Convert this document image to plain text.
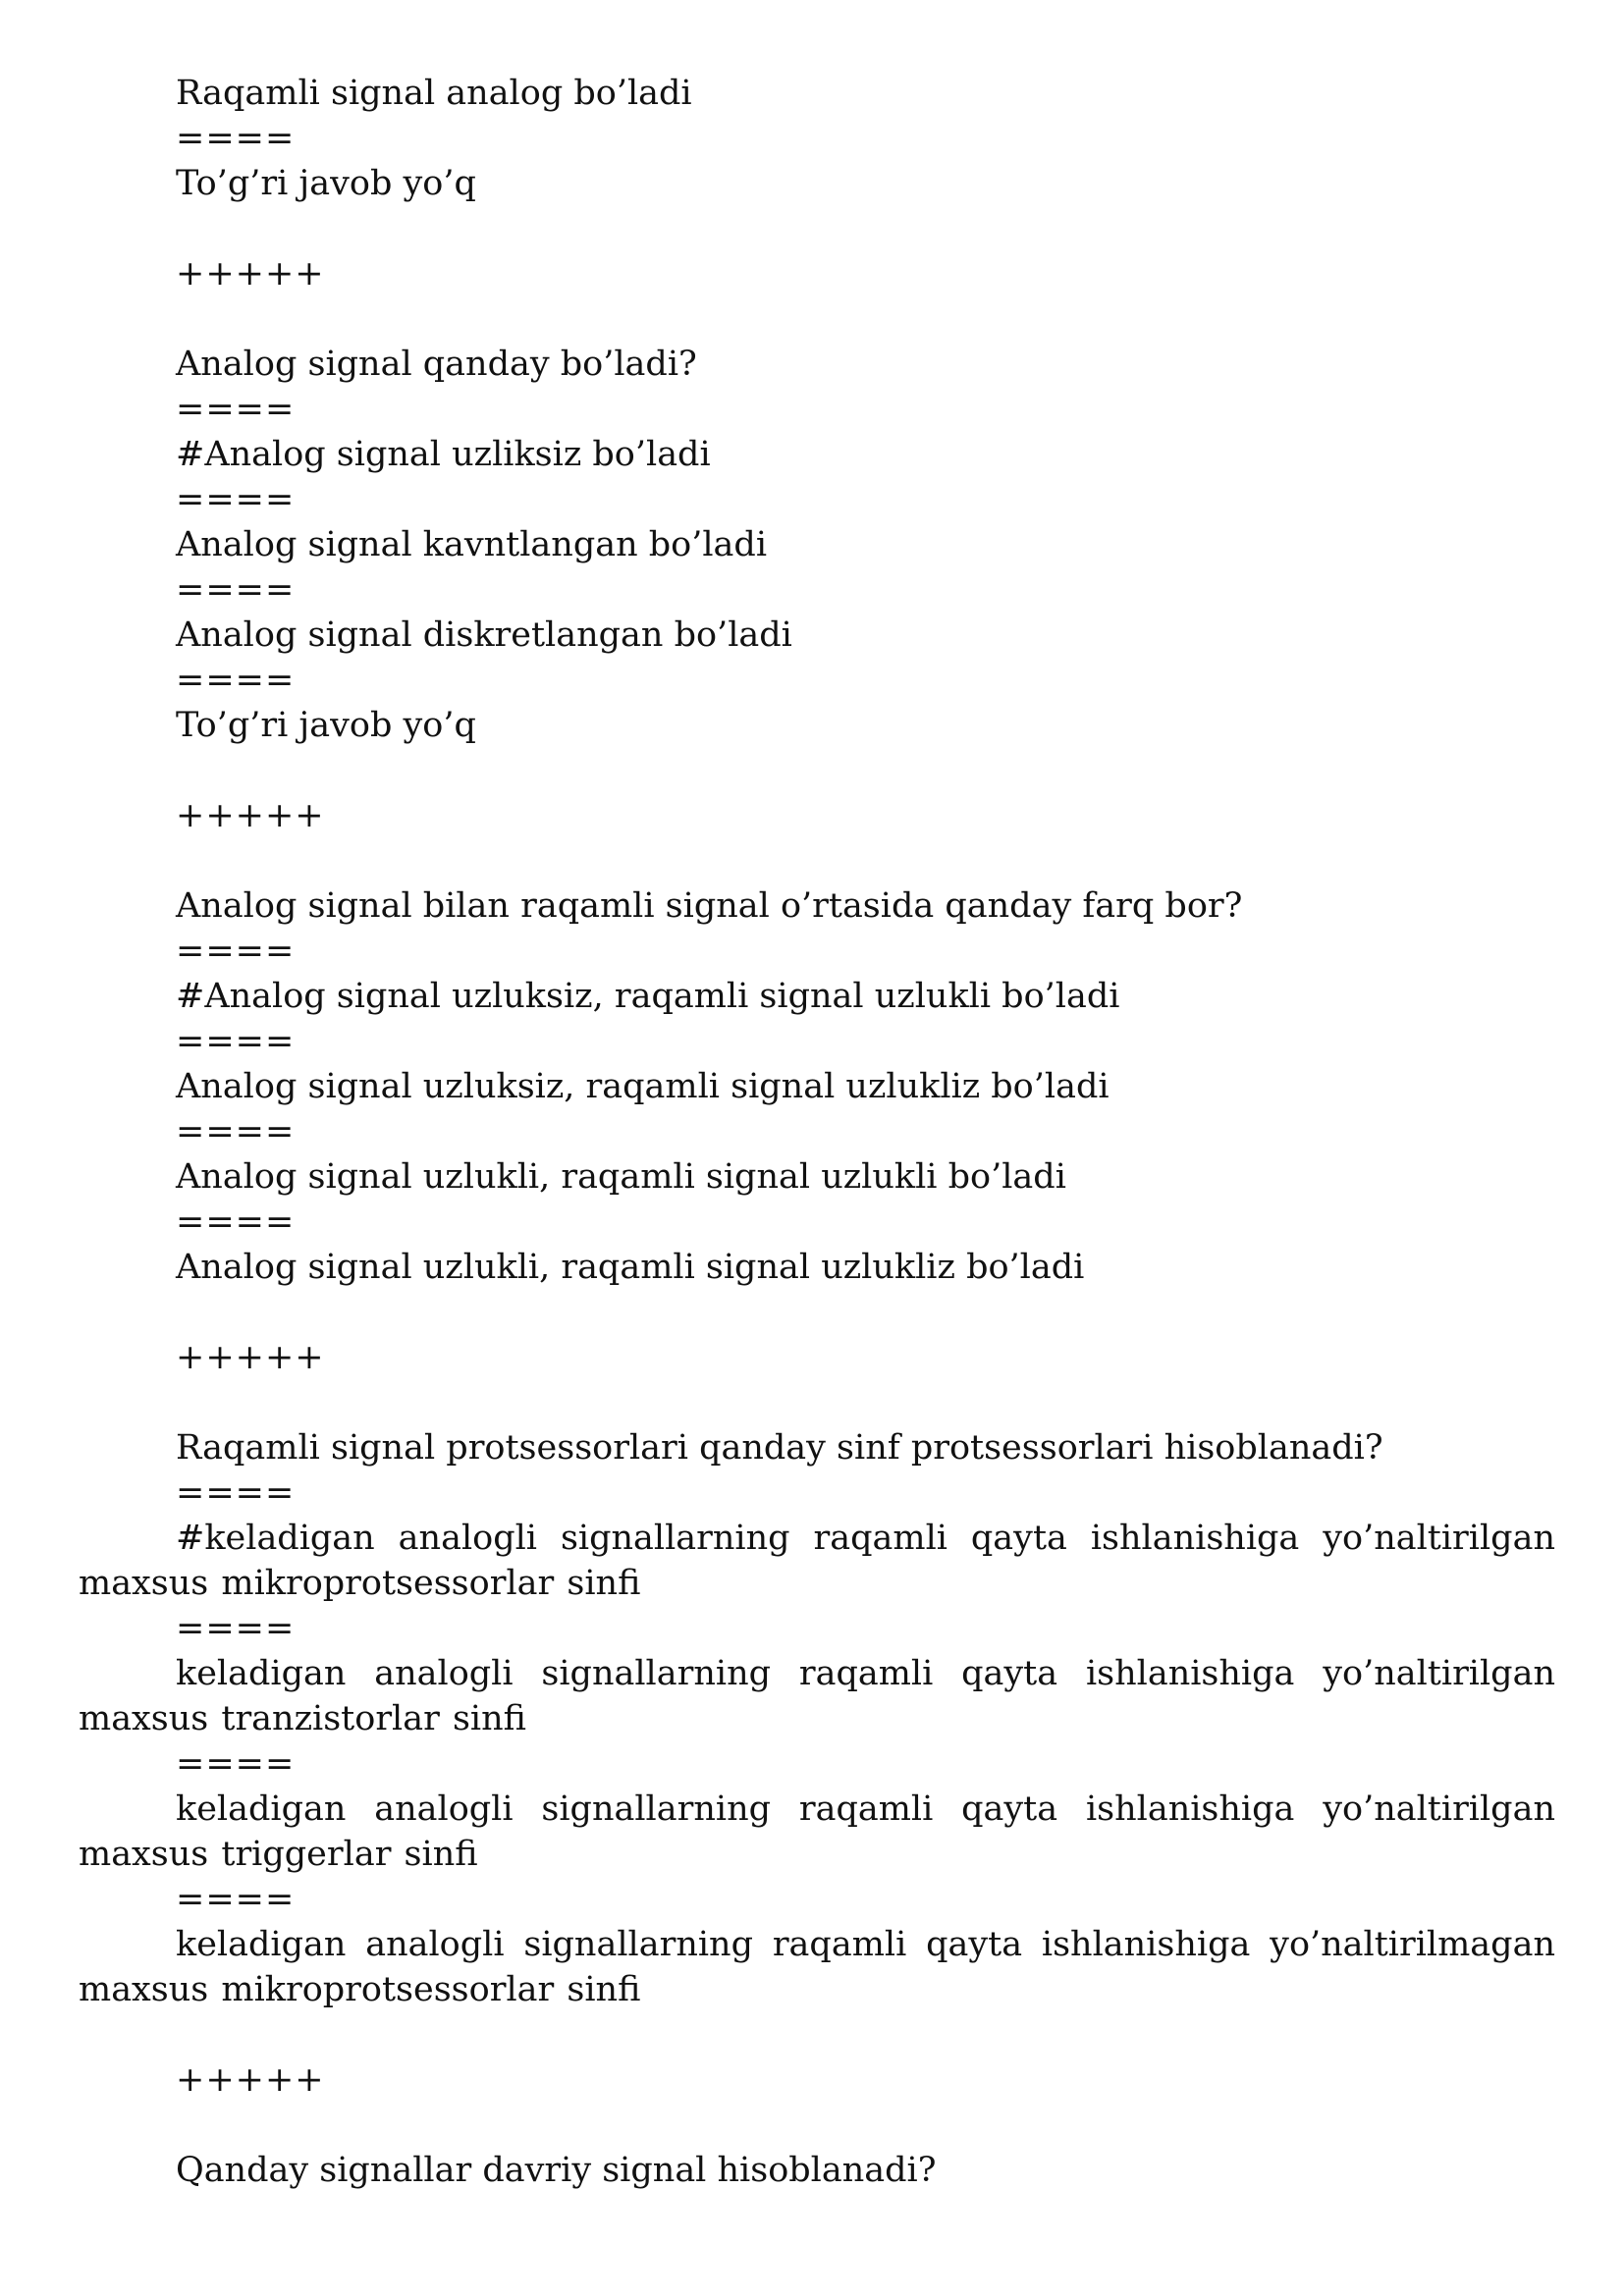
Raqamli signal analog bo’ladi
====
To’g’ri javob yo’q
+++++
Analog signal qanday bo’ladi?
====
#Analog signal uzliksiz bo’ladi
====
Analog signal kavntlangan bo’ladi
====
Analog signal diskretlangan bo’ladi
====
To’g’ri javob yo’q
+++++
Analog signal bilan raqamli signal o’rtasida qanday farq bor?
====
#Analog signal uzluksiz, raqamli signal uzlukli bo’ladi
====
Analog signal uzluksiz, raqamli signal uzlukliz bo’ladi
====
Analog signal uzlukli, raqamli signal uzlukli bo’ladi
====
Analog signal uzlukli, raqamli signal uzlukliz bo’ladi
+++++
Raqamli signal protsessorlari qanday sinf protsessorlari hisoblanadi?
====
#keladigan analogli signallarning raqamli qayta ishlanishiga yo’naltirilgan maxsus mikroprotsessorlar sinfi
====
keladigan analogli signallarning raqamli qayta ishlanishiga yo’naltirilgan maxsus tranzistorlar sinfi
====
keladigan analogli signallarning raqamli qayta ishlanishiga yo’naltirilgan maxsus triggerlar sinfi
====
keladigan analogli signallarning raqamli qayta ishlanishiga yo’naltirilmagan maxsus mikroprotsessorlar sinfi
+++++
Qanday signallar davriy signal hisoblanadi?
